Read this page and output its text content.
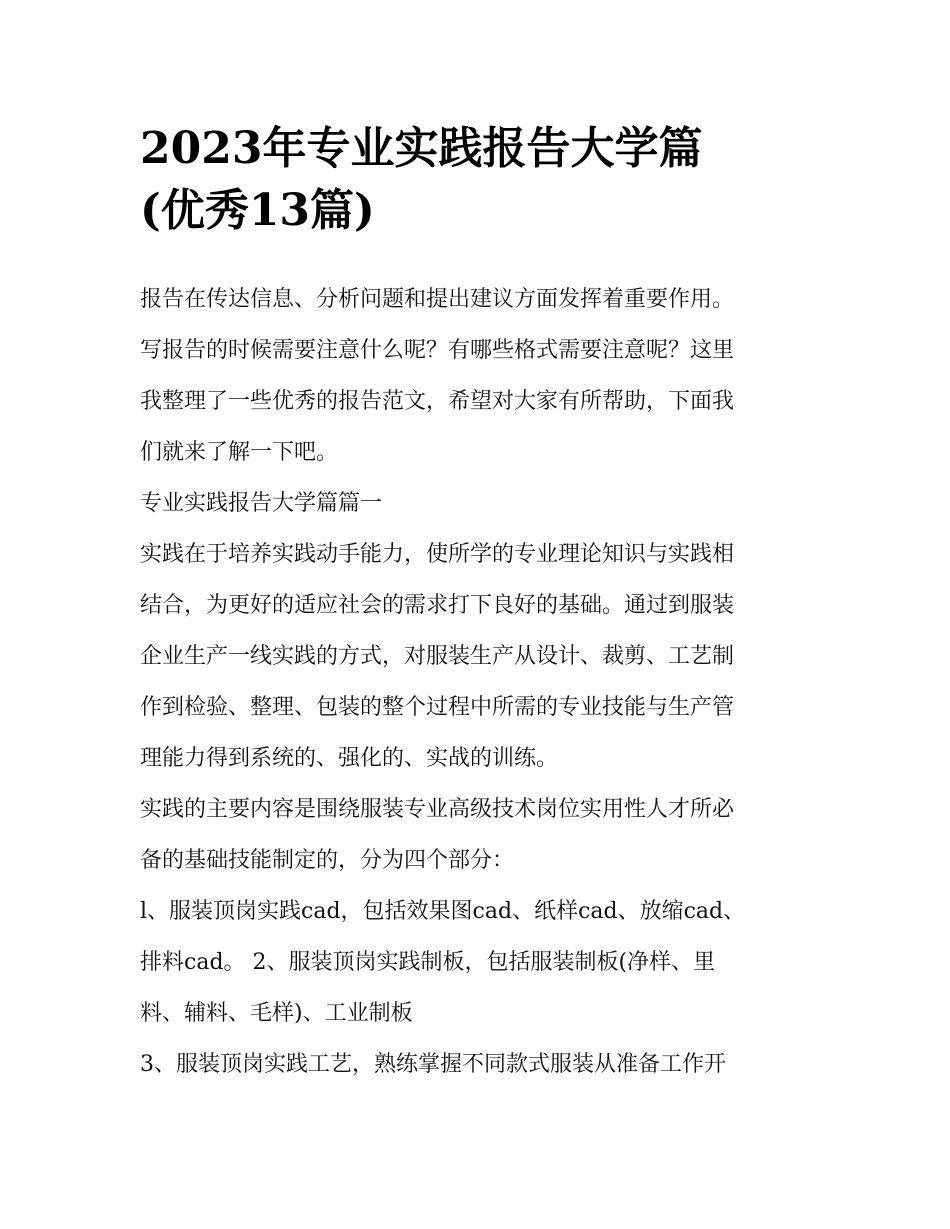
2023年专业实践报告大学篇
(优秀13篇)
报告在传达信息、分析问题和提出建议方面发挥着重要作用。
写报告的时候需要注意什么呢？有哪些格式需要注意呢？这里
我整理了一些优秀的报告范文，希望对大家有所帮助，下面我
们就来了解一下吧。
专业实践报告大学篇篇一
实践在于培养实践动手能力，使所学的专业理论知识与实践相
结合，为更好的适应社会的需求打下良好的基础。通过到服装
企业生产一线实践的方式，对服装生产从设计、裁剪、工艺制
作到检验、整理、包装的整个过程中所需的专业技能与生产管
理能力得到系统的、强化的、实战的训练。
实践的主要内容是围绕服装专业高级技术岗位实用性人才所必
备的基础技能制定的，分为四个部分：
l、服装顶岗实践cad，包括效果图cad、纸样cad、放缩cad、
排料cad。 2、服装顶岗实践制板，包括服装制板(净样、里
料、辅料、毛样)、工业制板
3、服装顶岗实践工艺，熟练掌握不同款式服装从准备工作开
